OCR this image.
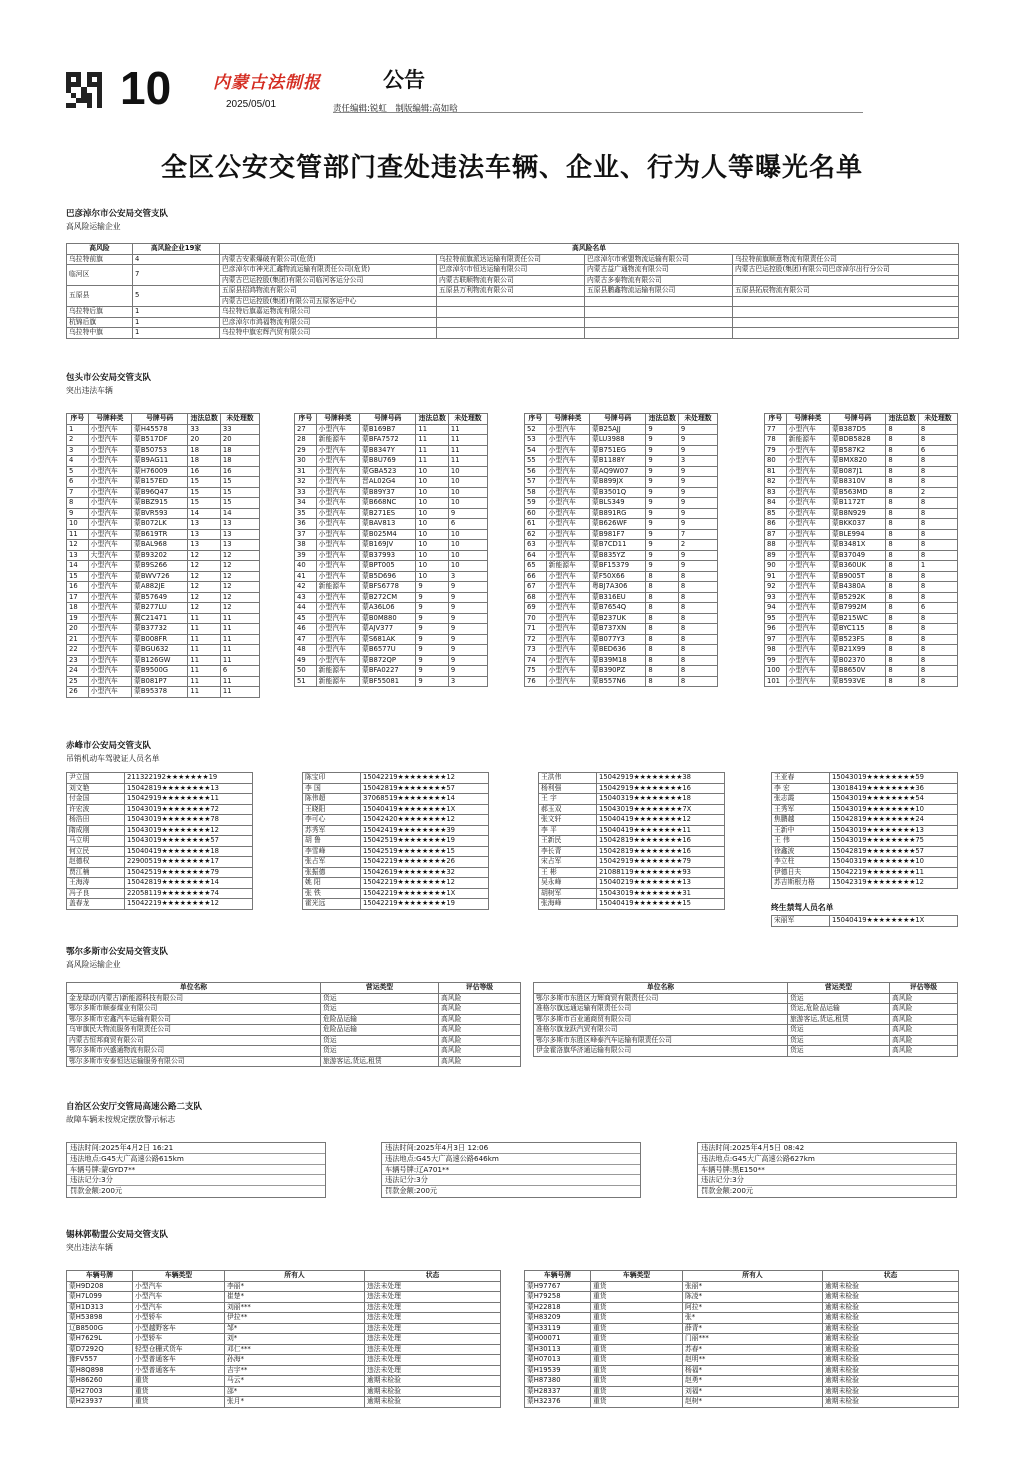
10 内蒙古法制报
2025/05/01
公告
责任编辑:锐虹　制版编辑:高如晗
全区公安交管部门查处违法车辆、企业、行为人等曝光名单
巴彦淖尔市公安局交管支队
高风险运输企业
高风险	高风险企业19家	高风险名单			
乌拉特前旗	4	内蒙古安素爆破有限公司(危货)	乌拉特前旗派达运输有限责任公司	巴彦淖尔市索盟物流运输有限公司	乌拉特前旗顺意物流有限责任公司
临河区	7	巴彦淖尔市神光汇鑫物流运输有限责任公司(危货)	巴彦淖尔市恒达运输有限公司	内蒙古益广通物流有限公司	内蒙古巴运控股(集团)有限公司巴彦淖尔出行分公司
		内蒙古巴运控股(集团)有限公司临河客运分公司	内蒙古联顺物流有限公司	内蒙古多泰物流有限公司	
五原县	5	五原县招鸿物流有限公司	五原县万利物流有限公司	五原县鹏鑫物流运输有限公司	五原县拓辰物流有限公司
		内蒙古巴运控股(集团)有限公司五原客运中心			
乌拉特后旗	1	乌拉特后旗嘉运物流有限公司			
杭锦后旗	1	巴彦淖尔市鸿福物流有限公司			
乌拉特中旗	1	乌拉特中旗宏辉汽贸有限公司			
包头市公安局交管支队
突出违法车辆
序号	号牌种类	号牌号码	违法总数	未处理数
1	小型汽车	蒙H45578	33	33
2	小型汽车	蒙B517DF	20	20
3	小型汽车	蒙B50753	18	18
4	小型汽车	蒙B9AG11	18	18
5	小型汽车	蒙H76009	16	16
6	小型汽车	蒙B157ED	15	15
7	小型汽车	蒙B96Q47	15	15
8	小型汽车	蒙BBZ915	15	15
9	小型汽车	蒙BVR593	14	14
10	小型汽车	蒙B072LK	13	13
11	小型汽车	蒙B619TR	13	13
12	小型汽车	蒙BAL968	13	13
13	大型汽车	蒙B93202	12	12
14	小型汽车	蒙B9S266	12	12
15	小型汽车	蒙BWV726	12	12
16	小型汽车	蒙A882JE	12	12
17	小型汽车	蒙B57649	12	12
18	小型汽车	蒙B277LU	12	12
19	小型汽车	冀C21471	11	11
20	小型汽车	蒙B37732	11	11
21	小型汽车	蒙B008FR	11	11
22	小型汽车	蒙BGU632	11	11
23	小型汽车	蒙B126GW	11	11
24	小型汽车	蒙B9500G	11	6
25	小型汽车	蒙B081P7	11	11
26	小型汽车	蒙B95378	11	11
序号	号牌种类	号牌号码	违法总数	未处理数
27	小型汽车	蒙B169B7	11	11
28	新能源车	蒙BFA7572	11	11
29	小型汽车	蒙B8347Y	11	11
30	小型汽车	蒙B8U769	11	11
31	小型汽车	蒙GBA523	10	10
32	小型汽车	晋AL02G4	10	10
33	小型汽车	蒙B89Y37	10	10
34	小型汽车	蒙B668NC	10	10
35	小型汽车	蒙B271ES	10	9
36	小型汽车	蒙BAV813	10	6
37	小型汽车	蒙B025M4	10	10
38	小型汽车	蒙B169JV	10	10
39	小型汽车	蒙B37993	10	10
40	小型汽车	蒙BPT005	10	10
41	小型汽车	蒙B5D696	10	3
42	新能源车	蒙BFS6778	9	9
43	小型汽车	蒙B272CM	9	9
44	小型汽车	蒙A36L06	9	9
45	小型汽车	蒙B0M880	9	9
46	小型汽车	蒙AJV377	9	9
47	小型汽车	蒙S681AK	9	9
48	小型汽车	蒙B6577U	9	9
49	小型汽车	蒙B872QP	9	9
50	新能源车	蒙BFA0227	9	9
51	新能源车	蒙BF55081	9	3
序号	号牌种类	号牌号码	违法总数	未处理数
52	小型汽车	蒙B25AJJ	9	9
53	小型汽车	蒙LU3988	9	9
54	小型汽车	蒙B751EG	9	9
55	小型汽车	蒙B1188Y	9	3
56	小型汽车	蒙AQ9W07	9	9
57	小型汽车	蒙B899JX	9	9
58	小型汽车	蒙B3501Q	9	9
59	小型汽车	蒙BLS349	9	9
60	小型汽车	蒙B891RG	9	9
61	小型汽车	蒙B626WF	9	9
62	小型汽车	蒙B981F7	9	7
63	小型汽车	蒙B7CD11	9	2
64	小型汽车	蒙B835YZ	9	9
65	新能源车	蒙BF15379	9	9
66	小型汽车	蒙F50X66	8	8
67	小型汽车	粤BJ7A306	8	8
68	小型汽车	蒙B316EU	8	8
69	小型汽车	蒙B7654Q	8	8
70	小型汽车	蒙B237UK	8	8
71	小型汽车	蒙B737XN	8	8
72	小型汽车	蒙B077Y3	8	8
73	小型汽车	蒙BED636	8	8
74	小型汽车	蒙B39M18	8	8
75	小型汽车	蒙B390PZ	8	8
76	小型汽车	蒙B557N6	8	8
序号	号牌种类	号牌号码	违法总数	未处理数
77	小型汽车	蒙B387D5	8	8
78	新能源车	蒙BDB5828	8	8
79	小型汽车	蒙B587K2	8	6
80	小型汽车	蒙BMX820	8	8
81	小型汽车	蒙B087J1	8	8
82	小型汽车	蒙B8310V	8	8
83	小型汽车	蒙B563MD	8	2
84	小型汽车	蒙B1172T	8	8
85	小型汽车	蒙B8N929	8	8
86	小型汽车	蒙BKK037	8	8
87	小型汽车	蒙BLE994	8	8
88	小型汽车	蒙B3481X	8	8
89	小型汽车	蒙B37049	8	8
90	小型汽车	蒙B360UK	8	1
91	小型汽车	蒙B9005T	8	8
92	小型汽车	蒙B4380A	8	8
93	小型汽车	蒙B5292K	8	8
94	小型汽车	蒙B7992M	8	6
95	小型汽车	蒙B215WC	8	8
96	小型汽车	蒙BYC115	8	8
97	小型汽车	蒙B523FS	8	8
98	小型汽车	蒙B21X99	8	8
99	小型汽车	蒙B02370	8	8
100	小型汽车	蒙B8650V	8	8
101	小型汽车	蒙B593VE	8	8
赤峰市公安局交管支队
吊销机动车驾驶证人员名单
尹立国	211322192★★★★★★★19
刘文艳	15042819★★★★★★★★13
付金国	15042919★★★★★★★★11
许宏波	15043019★★★★★★★★72
杨浩田	15043019★★★★★★★★78
隋成刚	15043019★★★★★★★★12
马立明	15043019★★★★★★★★57
何立民	15040419★★★★★★★★18
赵德权	22900519★★★★★★★★17
贾江楠	15042519★★★★★★★★79
王海涛	15042819★★★★★★★★14
冯子良	22058119★★★★★★★★74
盖春龙	15042219★★★★★★★★12
陈宝印	15042219★★★★★★★★12
李 国	15042819★★★★★★★★57
陈伟超	37068519★★★★★★★★14
王晓阳	15040419★★★★★★★★1X
李可心	15042420★★★★★★★★12
苏秀军	15042419★★★★★★★★39
胡 鲁	15042519★★★★★★★★19
李雪峰	15042519★★★★★★★★15
张占军	15042219★★★★★★★★26
张振德	15042619★★★★★★★★32
姚 阳	15042219★★★★★★★★12
张 铁	15042219★★★★★★★★1X
霍光远	15042219★★★★★★★★19
王洪伟	15042919★★★★★★★★38
杨利强	15042919★★★★★★★★16
王 宇	15040319★★★★★★★★18
郝玉双	15043019★★★★★★★★7X
张文轩	15040419★★★★★★★★12
李 平	15040419★★★★★★★★11
王新民	15042819★★★★★★★★16
李长青	15042819★★★★★★★★16
宋占军	15042919★★★★★★★★79
王 彬	21088119★★★★★★★★93
吴永峰	15040219★★★★★★★★13
胡树军	15043019★★★★★★★★31
张海峰	15040419★★★★★★★★15
王亚春	15043019★★★★★★★★59
李 宏	13018419★★★★★★★★36
张志霞	15043019★★★★★★★★54
王秀军	15043019★★★★★★★★10
焦鹏越	15042819★★★★★★★★24
王新中	15043019★★★★★★★★13
王 伟	15043019★★★★★★★★75
徐鑫波	15042819★★★★★★★★57
李立柱	15040319★★★★★★★★10
伊德日夫	15042219★★★★★★★★11
苏吉斯根力格	15042319★★★★★★★★12
宋丽军	15040419★★★★★★★★1X
终生禁驾人员名单
鄂尔多斯市公安局交管支队
高风险运输企业
单位名称	营运类型	评估等级
金龙绿动(内蒙古)新能源科技有限公司	货运	高风险
鄂尔多斯市顺泰煤业有限公司	货运	高风险
鄂尔多斯市宏鑫汽车运输有限公司	危险品运输	高风险
乌审旗民大物流服务有限责任公司	危险品运输	高风险
内蒙古恒邦商贸有限公司	货运	高风险
鄂尔多斯市兴盛通物流有限公司	货运	高风险
鄂尔多斯市安泰恒达运输服务有限公司	旅游客运,货运,租赁	高风险
单位名称	营运类型	评估等级
鄂尔多斯市东胜区力辉商贸有限责任公司	货运	高风险
准格尔旗远通运输有限责任公司	货运,危险品运输	高风险
鄂尔多斯市百业通商贸有限公司	旅游客运,货运,租赁	高风险
准格尔旗龙跃汽贸有限公司	货运	高风险
鄂尔多斯市东胜区峰泰汽车运输有限责任公司	货运	高风险
伊金霍洛旗华济通运输有限公司	货运	高风险
自治区公安厅交管局高速公路二支队
故障车辆未按规定摆放警示标志
违法时间:2025年4月2日 16:21
违法地点:G45大广高速公路615km
车辆号牌:蒙GYD7**
违法记分:3分
罚款金额:200元
违法时间:2025年4月3日 12:06
违法地点:G45大广高速公路646km
车辆号牌:辽A701**
违法记分:3分
罚款金额:200元
违法时间:2025年4月5日 08:42
违法地点:G45大广高速公路627km
车辆号牌:黑E150**
违法记分:3分
罚款金额:200元
锡林郭勒盟公安局交管支队
突出违法车辆
车辆号牌	车辆类型	所有人	状态
蒙H9D208	小型汽车	李丽*	违法未处理
蒙H7L099	小型汽车	崔楚*	违法未处理
蒙H1D313	小型汽车	刘丽***	违法未处理
蒙H53898	小型轿车	伊拉**	违法未处理
辽B8500G	小型越野客车	邹*	违法未处理
蒙H7629L	小型轿车	刘*	违法未处理
蒙D7292Q	轻型仓栅式货车	邓仁***	违法未处理
豫FV557	小型普通客车	孙海*	违法未处理
蒙H8Q898	小型普通客车	吉宇**	违法未处理
蒙H86260	重货	马云*	逾期未检验
蒙H27003	重货	邵*	逾期未检验
蒙H23937	重货	张月*	逾期未检验
车辆号牌	车辆类型	所有人	状态
蒙H97767	重货	张丽*	逾期未检验
蒙H79258	重货	陈凌*	逾期未检验
蒙H22818	重货	阿拉*	逾期未检验
蒙H83209	重货	张*	逾期未检验
蒙H33119	重货	薛青*	逾期未检验
蒙H00071	重货	门丽***	逾期未检验
蒙H30113	重货	苏春*	逾期未检验
蒙H07013	重货	赵明**	逾期未检验
蒙H19539	重货	杨福*	逾期未检验
蒙H87380	重货	赵勇*	逾期未检验
蒙H28337	重货	刘福*	逾期未检验
蒙H32376	重货	赵树*	逾期未检验
